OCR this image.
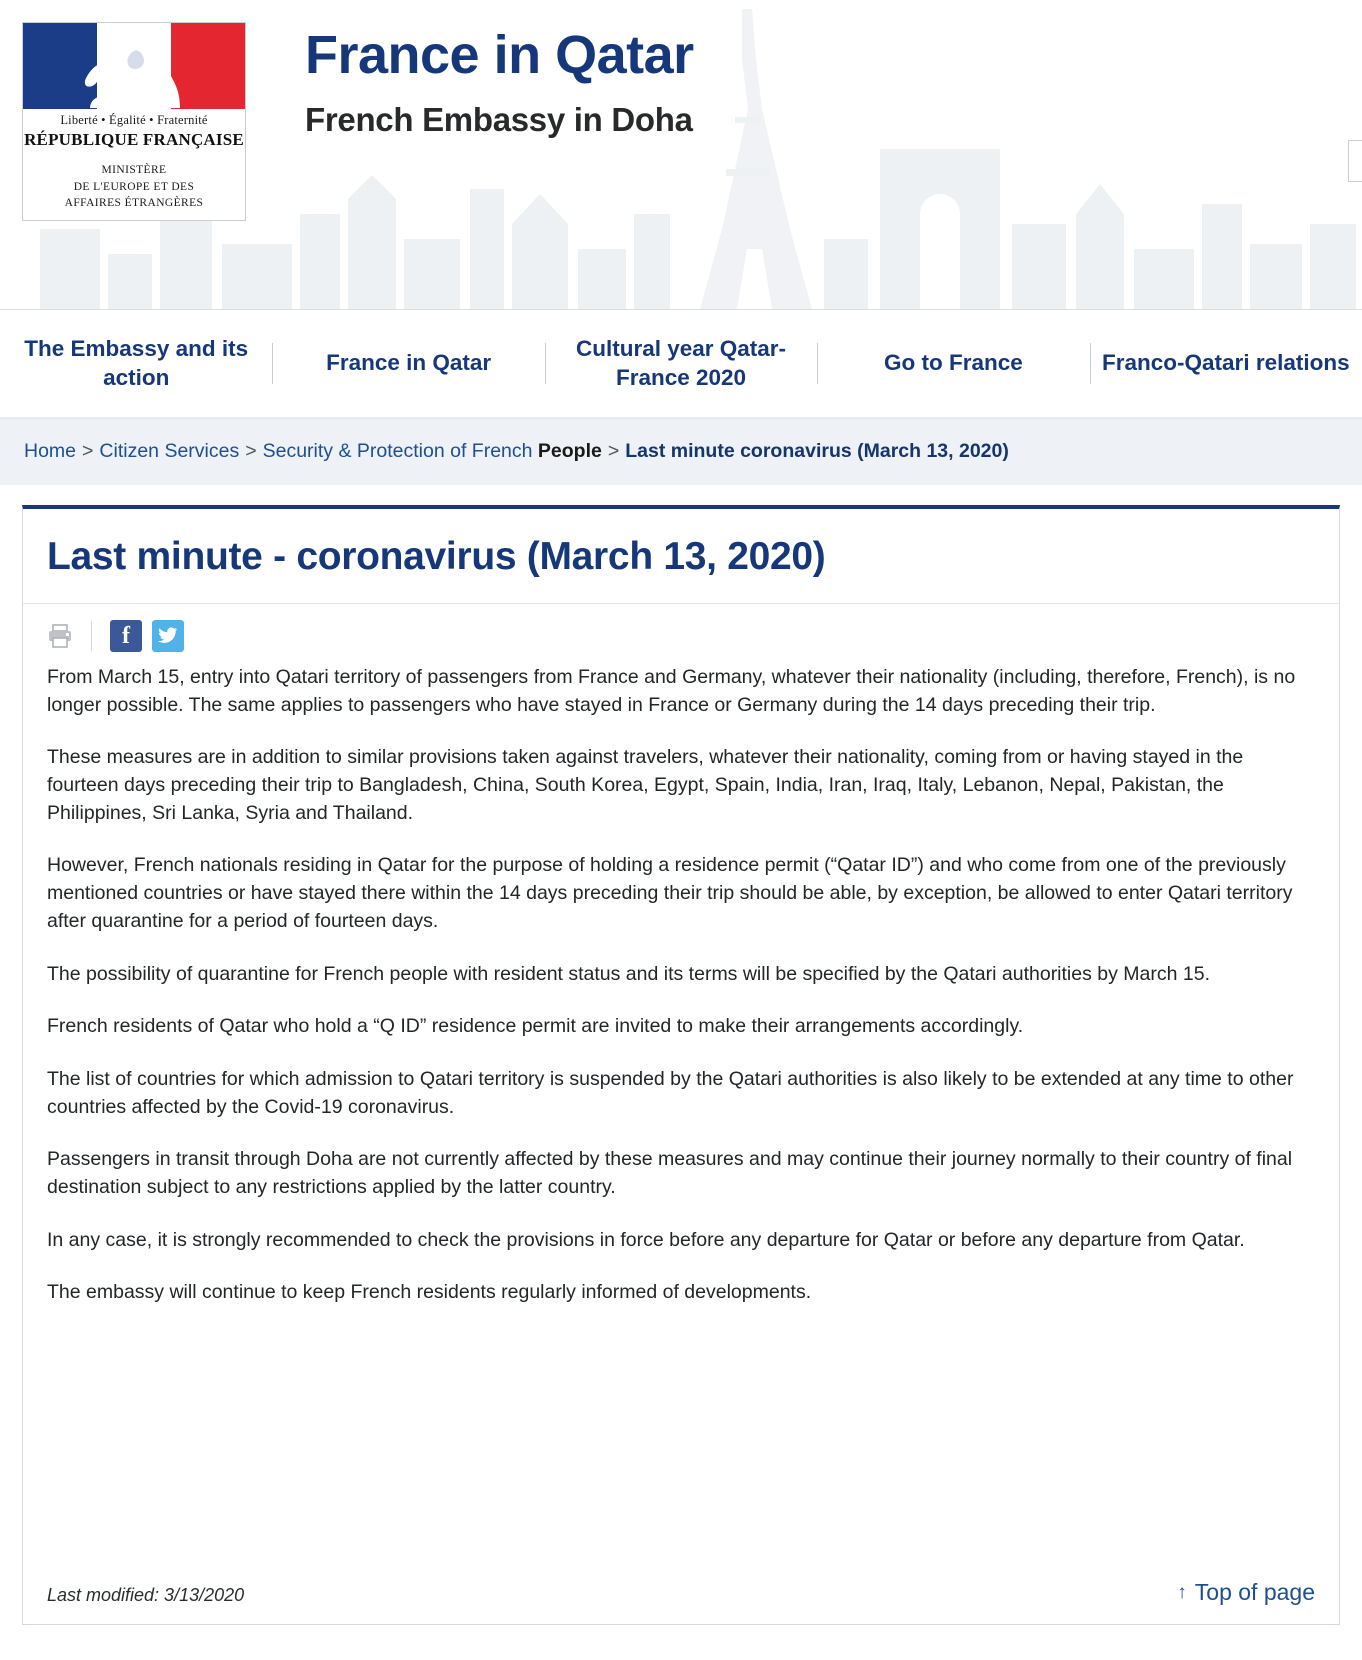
Liberté • Égalité • Fraternité
RÉPUBLIQUE FRANÇAISE
MINISTÈRE
DE L'EUROPE ET DES
AFFAIRES ÉTRANGÈRES
France in Qatar
French Embassy in Doha
The Embassy and its action
France in Qatar
Cultural year Qatar-France 2020
Go to France	Franco-Qatari relations
Home > Citizen Services > Security & Protection of French People > Last minute coronavirus (March 13, 2020)
Last minute - coronavirus (March 13, 2020)
f

From March 15, entry into Qatari territory of passengers from France and Germany, whatever their nationality (including, therefore, French), is no longer possible. The same applies to passengers who have stayed in France or Germany during the 14 days preceding their trip.

These measures are in addition to similar provisions taken against travelers, whatever their nationality, coming from or having stayed in the fourteen days preceding their trip to Bangladesh, China, South Korea, Egypt, Spain, India, Iran, Iraq, Italy, Lebanon, Nepal, Pakistan, the Philippines, Sri Lanka, Syria and Thailand.

However, French nationals residing in Qatar for the purpose of holding a residence permit (“Qatar ID”) and who come from one of the previously mentioned countries or have stayed there within the 14 days preceding their trip should be able, by exception, be allowed to enter Qatari territory after quarantine for a period of fourteen days.

The possibility of quarantine for French people with resident status and its terms will be specified by the Qatari authorities by March 15.

French residents of Qatar who hold a “Q ID” residence permit are invited to make their arrangements accordingly.

The list of countries for which admission to Qatari territory is suspended by the Qatari authorities is also likely to be extended at any time to other countries affected by the Covid-19 coronavirus.

Passengers in transit through Doha are not currently affected by these measures and may continue their journey normally to their country of final destination subject to any restrictions applied by the latter country.

In any case, it is strongly recommended to check the provisions in force before any departure for Qatar or before any departure from Qatar.

The embassy will continue to keep French residents regularly informed of developments.

Last modified: 3/13/2020	↑ Top of page
